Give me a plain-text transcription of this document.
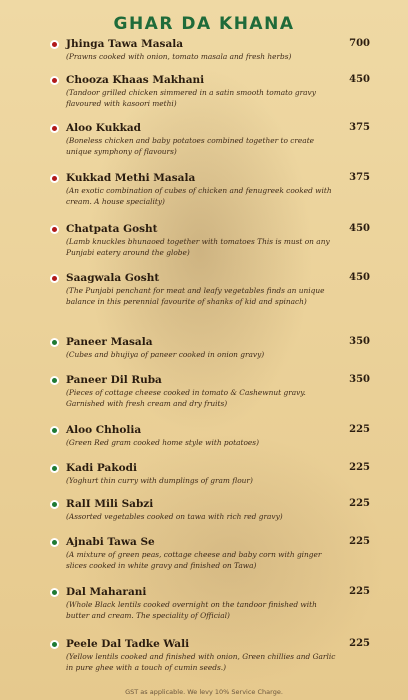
GHAR DA KHANA
Jhinga Tawa Masala	700
(Prawns cooked with onion, tomato masala and fresh herbs)
Chooza Khaas Makhani	450
(Tandoor grilled chicken simmered in a satin smooth tomato gravy flavoured with kasoori methi)
Aloo Kukkad	375
(Boneless chicken and baby potatoes combined together to create unique symphony of flavours)
Kukkad Methi Masala	375
(An exotic combination of cubes of chicken and fenugreek cooked with cream. A house speciality)
Chatpata Gosht	450
(Lamb knuckles bhunaoed together with tomatoes This is must on any Punjabi eatery around the globe)
Saagwala Gosht	450
(The Punjabi penchant for meat and leafy vegetables finds an unique balance in this perennial favourite of shanks of kid and spinach)
Paneer Masala	350
(Cubes and bhujiya of paneer cooked in onion gravy)
Paneer Dil Ruba	350
(Pieces of cottage cheese cooked in tomato & Cashewnut gravy. Garnished with fresh cream and dry fruits)
Aloo Chholia	225
(Green Red gram cooked home style with potatoes)
Kadi Pakodi	225
(Yoghurt thin curry with dumplings of gram flour)
RalI Mili Sabzi	225
(Assorted vegetables cooked on tawa with rich red gravy)
Ajnabi Tawa Se	225
(A mixture of green peas, cottage cheese and baby corn with ginger slices cooked in white gravy and finished on Tawa)
Dal Maharani	225
(Whole Black lentils cooked overnight on the tandoor finished with butter and cream. The speciality of Official)
Peele Dal Tadke Wali	225
(Yellow lentils cooked and finished with onion, Green chillies and Garlic in pure ghee with a touch of cumin seeds.)
GST as applicable. We levy 10% Service Charge.
